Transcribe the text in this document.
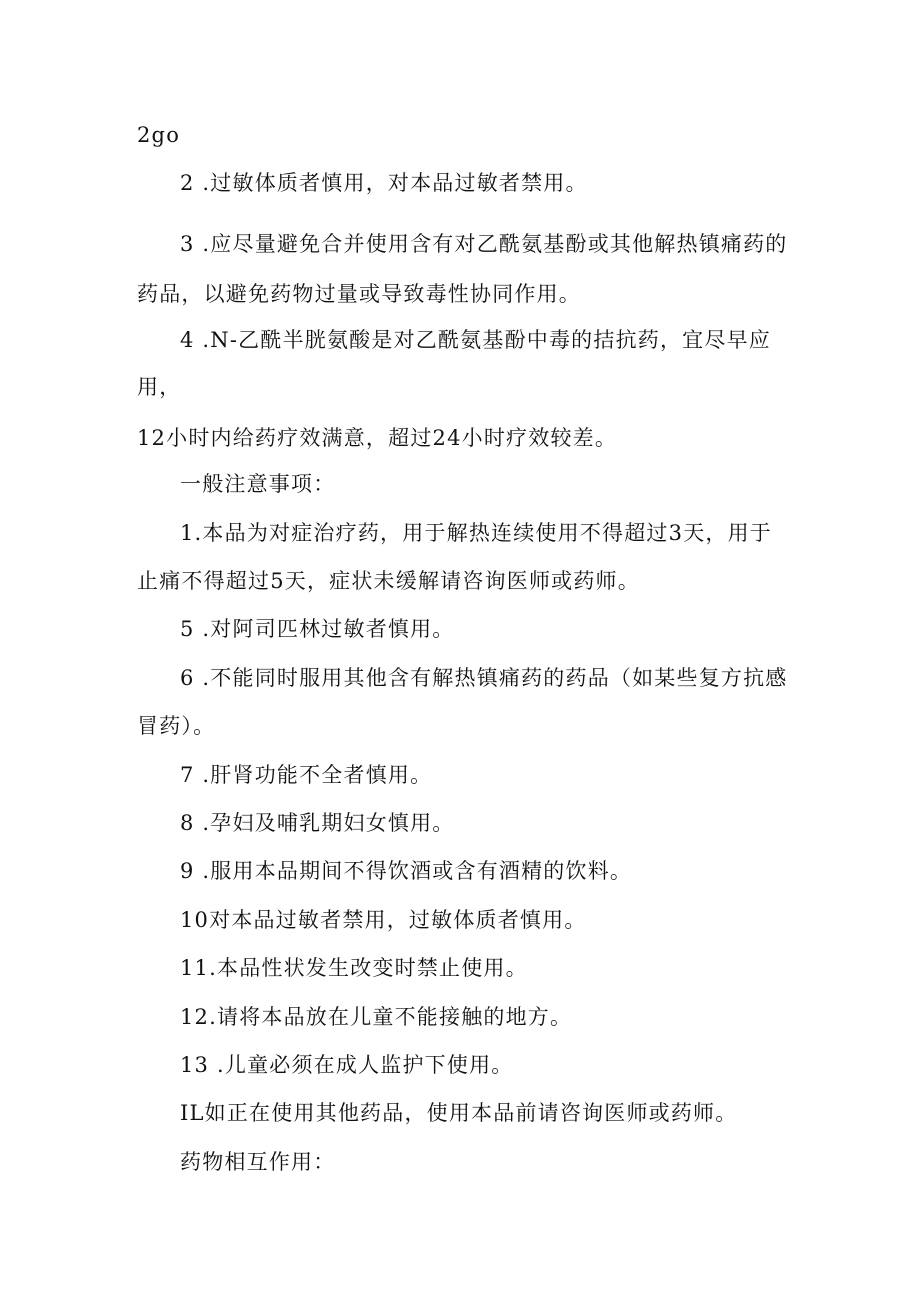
2go
2 .过敏体质者慎用，对本品过敏者禁用。
3 .应尽量避免合并使用含有对乙酰氨基酚或其他解热镇痛药的
药品，以避免药物过量或导致毒性协同作用。
4 .N-乙酰半胱氨酸是对乙酰氨基酚中毒的拮抗药，宜尽早应
用，
12小时内给药疗效满意，超过24小时疗效较差。
一般注意事项：
1.本品为对症治疗药，用于解热连续使用不得超过3天，用于
止痛不得超过5天，症状未缓解请咨询医师或药师。
5 .对阿司匹林过敏者慎用。
6 .不能同时服用其他含有解热镇痛药的药品（如某些复方抗感
冒药）。
7 .肝肾功能不全者慎用。
8 .孕妇及哺乳期妇女慎用。
9 .服用本品期间不得饮酒或含有酒精的饮料。
10对本品过敏者禁用，过敏体质者慎用。
11.本品性状发生改变时禁止使用。
12.请将本品放在儿童不能接触的地方。
13 .儿童必须在成人监护下使用。
IL如正在使用其他药品，使用本品前请咨询医师或药师。
药物相互作用：
